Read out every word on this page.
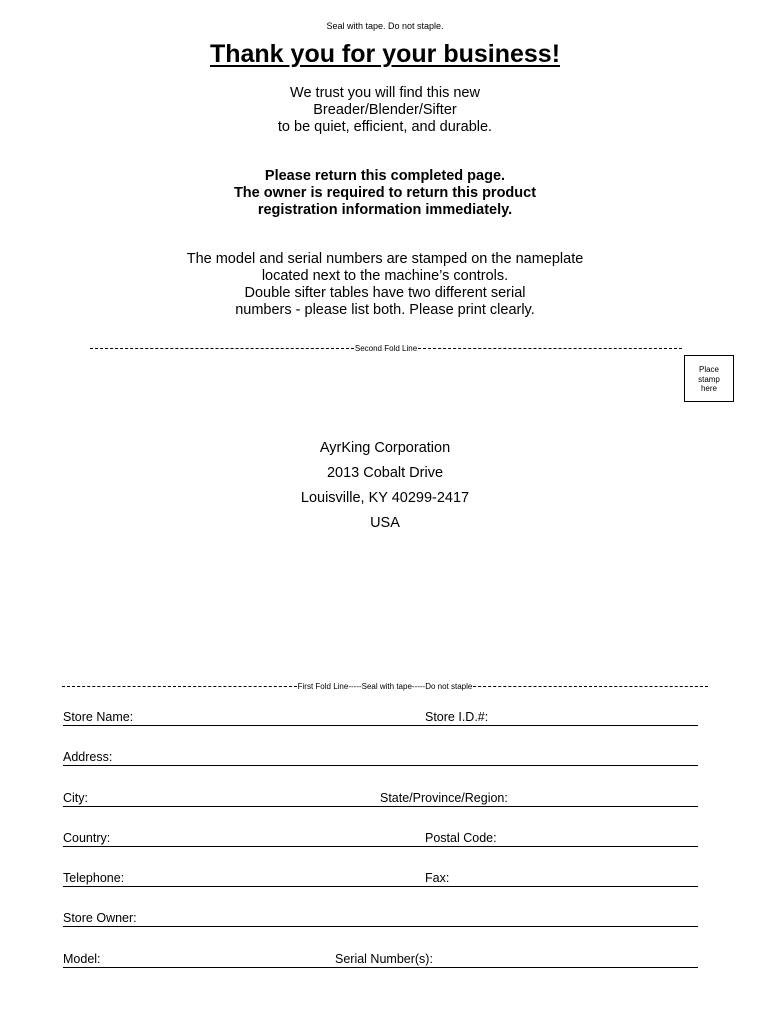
Seal with tape. Do not staple.
Thank you for your business!
We trust you will find this new
Breader/Blender/Sifter
to be quiet, efficient, and durable.
Please return this completed page.
The owner is required to return this product
registration information immediately.
The model and serial numbers are stamped on the nameplate
located next to the machine’s controls.
Double sifter tables have two different serial
numbers - please list both. Please print clearly.
Second Fold Line
Place
stamp
here
AyrKing Corporation
2013 Cobalt Drive
Louisville, KY 40299-2417
USA
First Fold Line-----Seal with tape-----Do not staple
Store Name:	Store I.D.#:
Address:
City:	State/Province/Region:
Country:	Postal Code:
Telephone:	Fax:
Store Owner:
Model:	Serial Number(s):
